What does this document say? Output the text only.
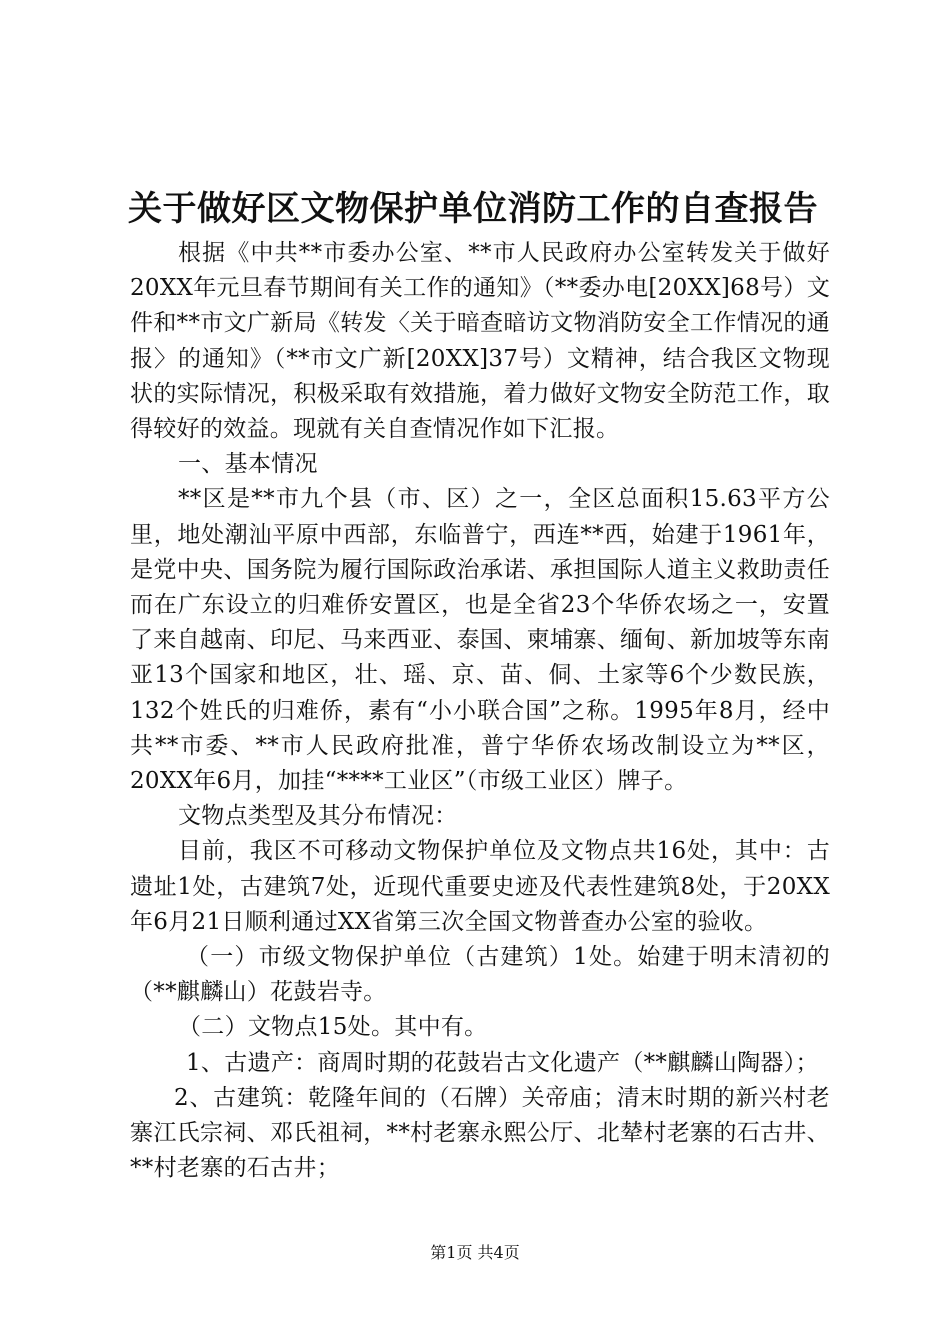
关于做好区文物保护单位消防工作的自查报告

根据《中共**市委办公室、**市人民政府办公室转发关于做好20XX年元旦春节期间有关工作的通知》（**委办电[20XX]68号）文件和**市文广新局《转发〈关于暗查暗访文物消防安全工作情况的通报〉的通知》（**市文广新[20XX]37号）文精神，结合我区文物现状的实际情况，积极采取有效措施，着力做好文物安全防范工作，取得较好的效益。现就有关自查情况作如下汇报。

一、基本情况

**区是**市九个县（市、区）之一，全区总面积15.63平方公里，地处潮汕平原中西部，东临普宁，西连**西，始建于1961年，是党中央、国务院为履行国际政治承诺、承担国际人道主义救助责任而在广东设立的归难侨安置区，也是全省23个华侨农场之一，安置了来自越南、印尼、马来西亚、泰国、柬埔寨、缅甸、新加坡等东南亚13个国家和地区，壮、瑶、京、苗、侗、土家等6个少数民族，132个姓氏的归难侨，素有“小小联合国”之称。1995年8月，经中共**市委、**市人民政府批准，普宁华侨农场改制设立为**区，20XX年6月，加挂“****工业区”（市级工业区）牌子。

文物点类型及其分布情况：

目前，我区不可移动文物保护单位及文物点共16处，其中：古遗址1处，古建筑7处，近现代重要史迹及代表性建筑8处，于20XX年6月21日顺利通过XX省第三次全国文物普查办公室的验收。

（一）市级文物保护单位（古建筑）1处。始建于明末清初的（**麒麟山）花鼓岩寺。

（二）文物点15处。其中有。

1、古遗产：商周时期的花鼓岩古文化遗产（**麒麟山陶器）；

2、古建筑：乾隆年间的（石牌）关帝庙；清末时期的新兴村老寨江氏宗祠、邓氏祖祠，**村老寨永熙公厅、北辇村老寨的石古井、**村老寨的石古井；

第1页 共4页
